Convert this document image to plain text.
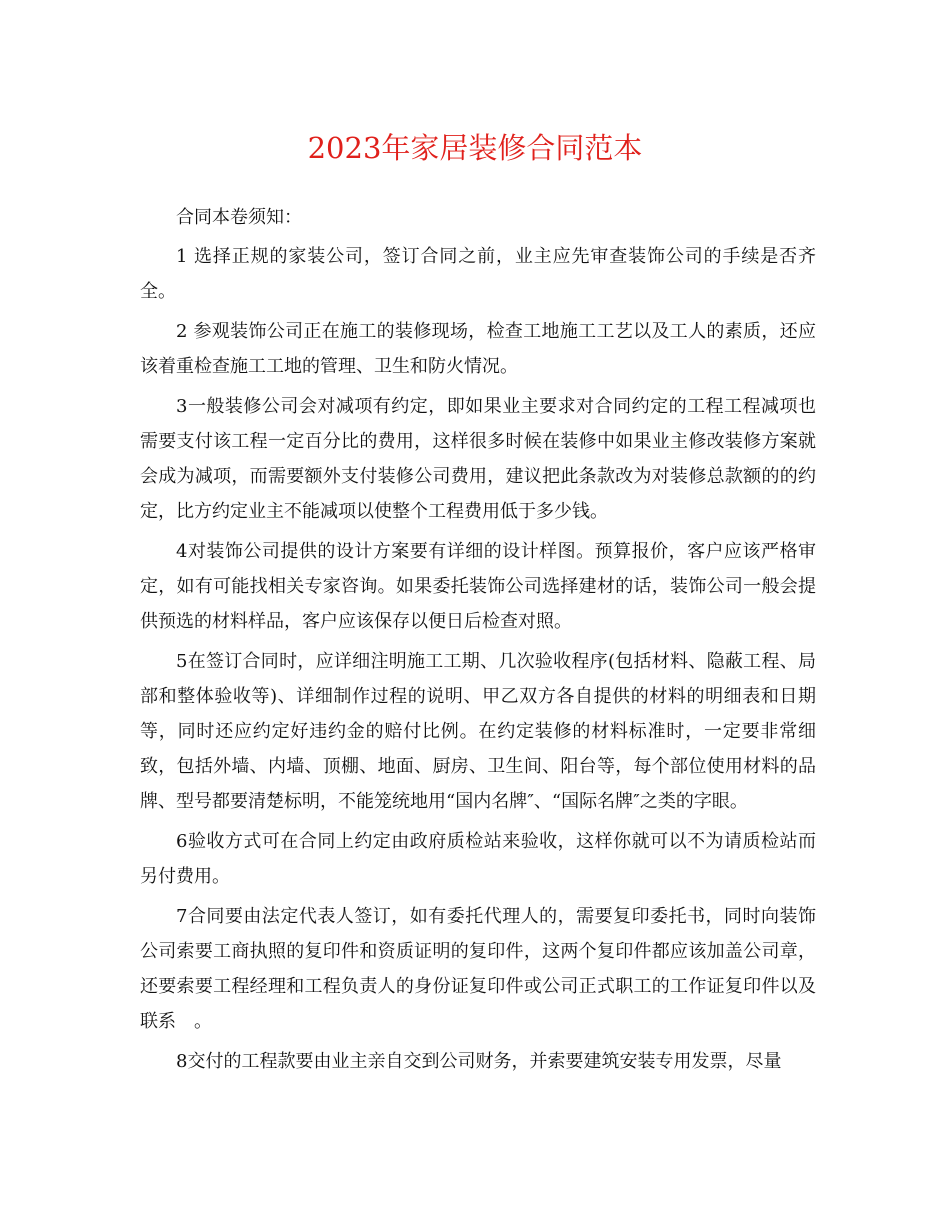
2023年家居装修合同范本

合同本卷须知：

1 选择正规的家装公司，签订合同之前，业主应先审查装饰公司的手续是否齐全。

2 参观装饰公司正在施工的装修现场，检查工地施工工艺以及工人的素质，还应该着重检查施工工地的管理、卫生和防火情况。

3一般装修公司会对减项有约定，即如果业主要求对合同约定的工程工程减项也需要支付该工程一定百分比的费用，这样很多时候在装修中如果业主修改装修方案就会成为减项，而需要额外支付装修公司费用，建议把此条款改为对装修总款额的的约定，比方约定业主不能减项以使整个工程费用低于多少钱。

4对装饰公司提供的设计方案要有详细的设计样图。预算报价，客户应该严格审定，如有可能找相关专家咨询。如果委托装饰公司选择建材的话，装饰公司一般会提供预选的材料样品，客户应该保存以便日后检查对照。

5在签订合同时，应详细注明施工工期、几次验收程序(包括材料、隐蔽工程、局部和整体验收等)、详细制作过程的说明、甲乙双方各自提供的材料的明细表和日期等，同时还应约定好违约金的赔付比例。在约定装修的材料标准时，一定要非常细致，包括外墙、内墙、顶棚、地面、厨房、卫生间、阳台等，每个部位使用材料的品牌、型号都要清楚标明，不能笼统地用“国内名牌″、“国际名牌″之类的字眼。

6验收方式可在合同上约定由政府质检站来验收，这样你就可以不为请质检站而另付费用。

7合同要由法定代表人签订，如有委托代理人的，需要复印委托书，同时向装饰公司索要工商执照的复印件和资质证明的复印件，这两个复印件都应该加盖公司章，还要索要工程经理和工程负责人的身份证复印件或公司正式职工的工作证复印件以及联系　。

8交付的工程款要由业主亲自交到公司财务，并索要建筑安装专用发票，尽量
